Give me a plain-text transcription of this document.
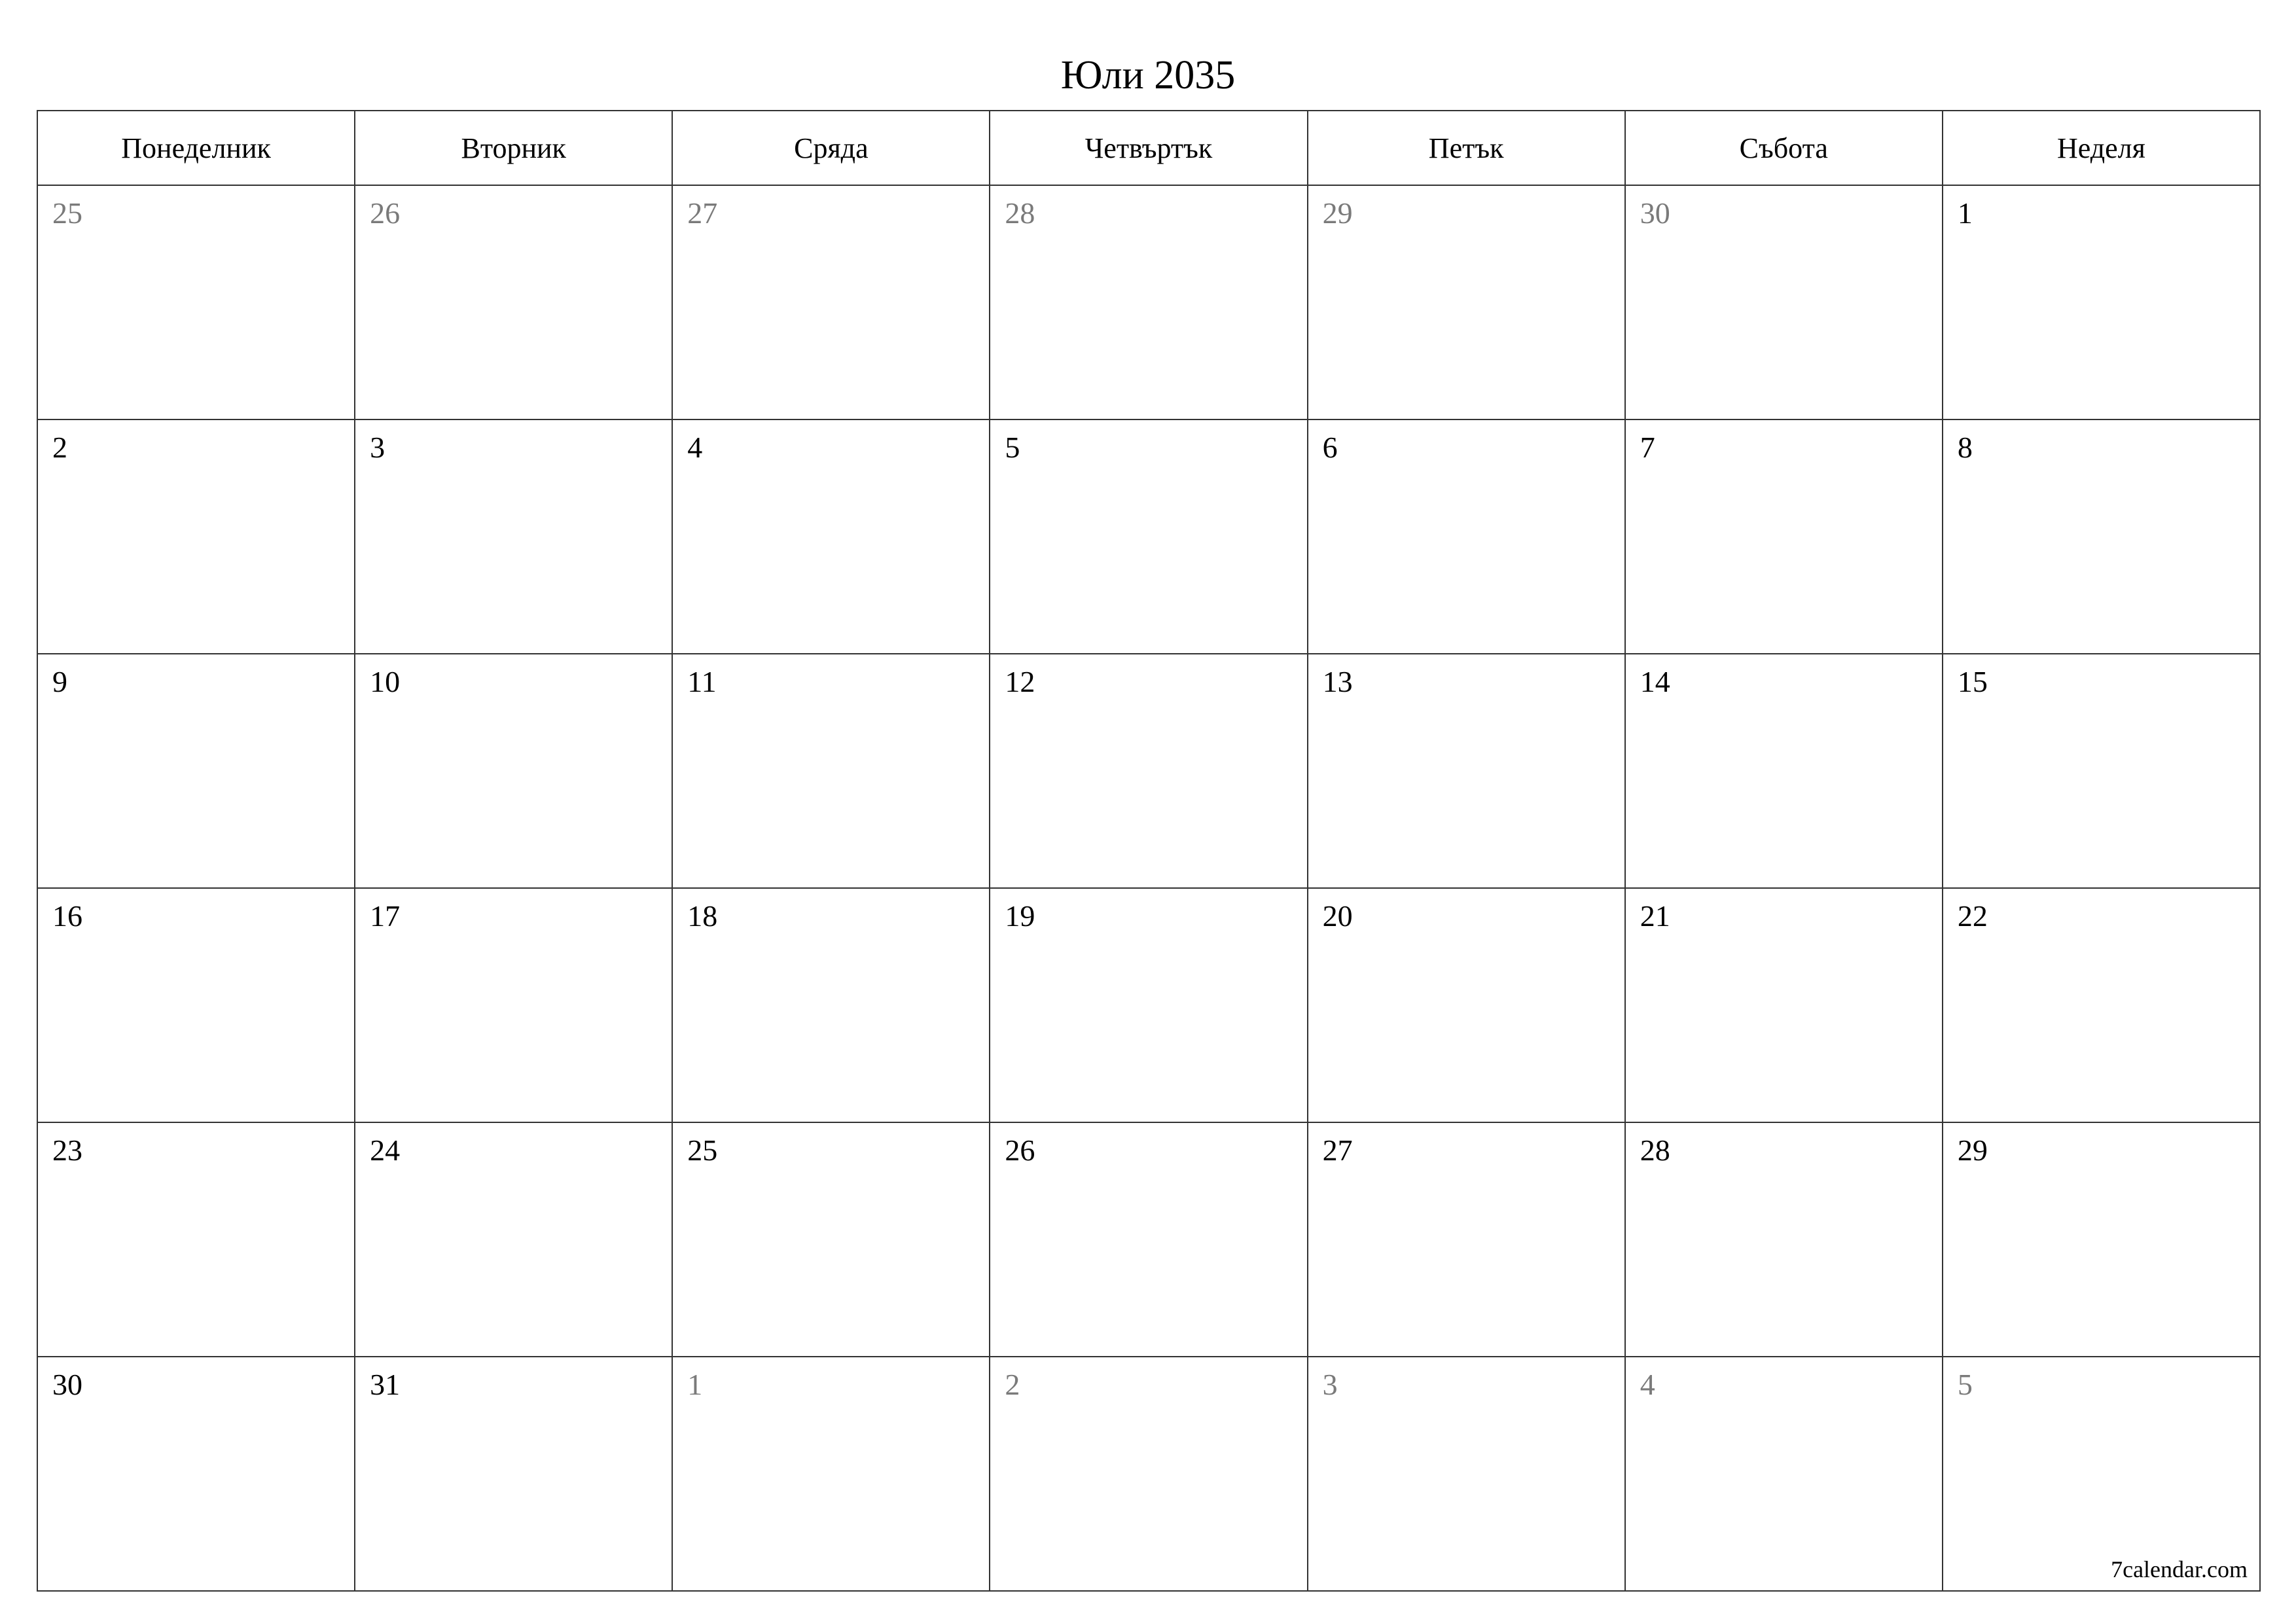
Юли 2035
Понеделник	Вторник	Сряда	Четвъртък	Петък	Събота	Неделя

25	26	27	28	29	30	1

2	3	4	5	6	7	8

9	10	11	12	13	14	15

16	17	18	19	20	21	22

23	24	25	26	27	28	29

30	31	1	2	3	4	5
7calendar.com
